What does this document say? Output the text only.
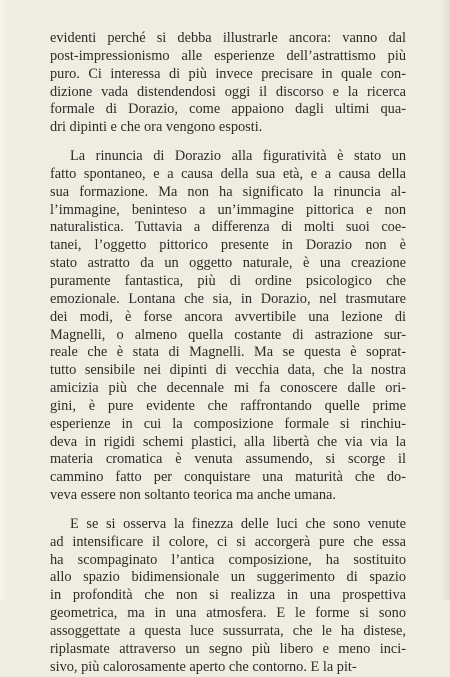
evidenti perché si debba illustrarle ancora: vanno dal
post-impressionismo alle esperienze dell’astrattismo più
puro. Ci interessa di più invece precisare in quale con-
dizione vada distendendosi oggi il discorso e la ricerca
formale di Dorazio, come appaiono dagli ultimi qua-
dri dipinti e che ora vengono esposti.
La rinuncia di Dorazio alla figuratività è stato un
fatto spontaneo, e a causa della sua età, e a causa della
sua formazione. Ma non ha significato la rinuncia al-
l’immagine, beninteso a un’immagine pittorica e non
naturalistica. Tuttavia a differenza di molti suoi coe-
tanei, l’oggetto pittorico presente in Dorazio non è
stato astratto da un oggetto naturale, è una creazione
puramente fantastica, più di ordine psicologico che
emozionale. Lontana che sia, in Dorazio, nel trasmutare
dei modi, è forse ancora avvertibile una lezione di
Magnelli, o almeno quella costante di astrazione sur-
reale che è stata di Magnelli. Ma se questa è soprat-
tutto sensibile nei dipinti di vecchia data, che la nostra
amicizia più che decennale mi fa conoscere dalle ori-
gini, è pure evidente che raffrontando quelle prime
esperienze in cui la composizione formale si rinchiu-
deva in rigidi schemi plastici, alla libertà che via via la
materia cromatica è venuta assumendo, si scorge il
cammino fatto per conquistare una maturità che do-
veva essere non soltanto teorica ma anche umana.
E se si osserva la finezza delle luci che sono venute
ad intensificare il colore, ci si accorgerà pure che essa
ha scompaginato l’antica composizione, ha sostituito
allo spazio bidimensionale un suggerimento di spazio
in profondità che non si realizza in una prospettiva
geometrica, ma in una atmosfera. E le forme si sono
assoggettate a questa luce sussurrata, che le ha distese,
riplasmate attraverso un segno più libero e meno inci-
sivo, più calorosamente aperto che contorno. E la pit-
